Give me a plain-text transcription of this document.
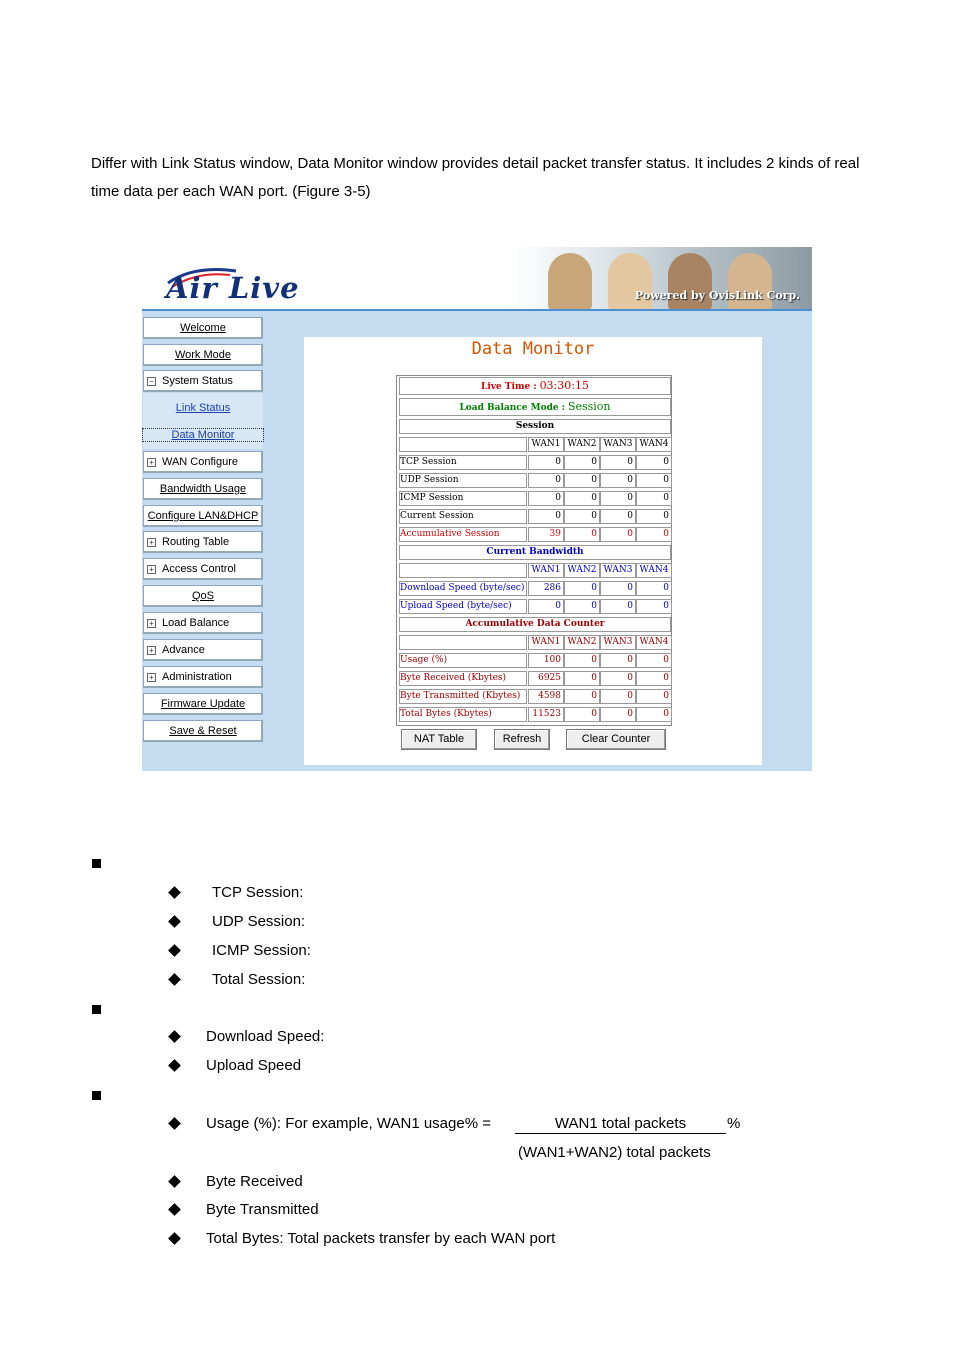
Differ with Link Status window, Data Monitor window provides detail packet transfer status. It includes 2 kinds of real time data per each WAN port. (Figure 3-5)
Air Live	Powered by OvisLink Corp.
Welcome
Work Mode
− System Status
+ WAN Configure
Bandwidth Usage
Configure LAN&DHCP
+ Routing Table
+ Access Control
QoS
+ Load Balance
+ Advance
+ Administration
Firmware Update
Save & Reset
Link Status
Data Monitor
Data Monitor
Live Time : 03:30:15
Load Balance Mode : Session
Session
WAN1 WAN2 WAN3 WAN4
TCP Session	0	0	0	0
UDP Session	0	0	0	0
ICMP Session	0	0	0	0
Current Session	0	0	0	0
Accumulative Session	39	0	0	0
Current Bandwidth
WAN1 WAN2 WAN3 WAN4
Download Speed (byte/sec)	286	0	0	0
Upload Speed (byte/sec)	0	0	0	0
Accumulative Data Counter
WAN1 WAN2 WAN3 WAN4
Usage (%)	100	0	0	0
Byte Received (Kbytes)	6925	0	0	0
Byte Transmitted (Kbytes)	4598	0	0	0
Total Bytes (Kbytes)	11523	0	0	0
NAT Table	Refresh	Clear Counter
TCP Session:
UDP Session:
ICMP Session:
Total Session:
Download Speed:
Upload Speed
Usage (%): For example, WAN1 usage% =	WAN1 total packets	%
(WAN1+WAN2) total packets
Byte Received
Byte Transmitted
Total Bytes: Total packets transfer by each WAN port
